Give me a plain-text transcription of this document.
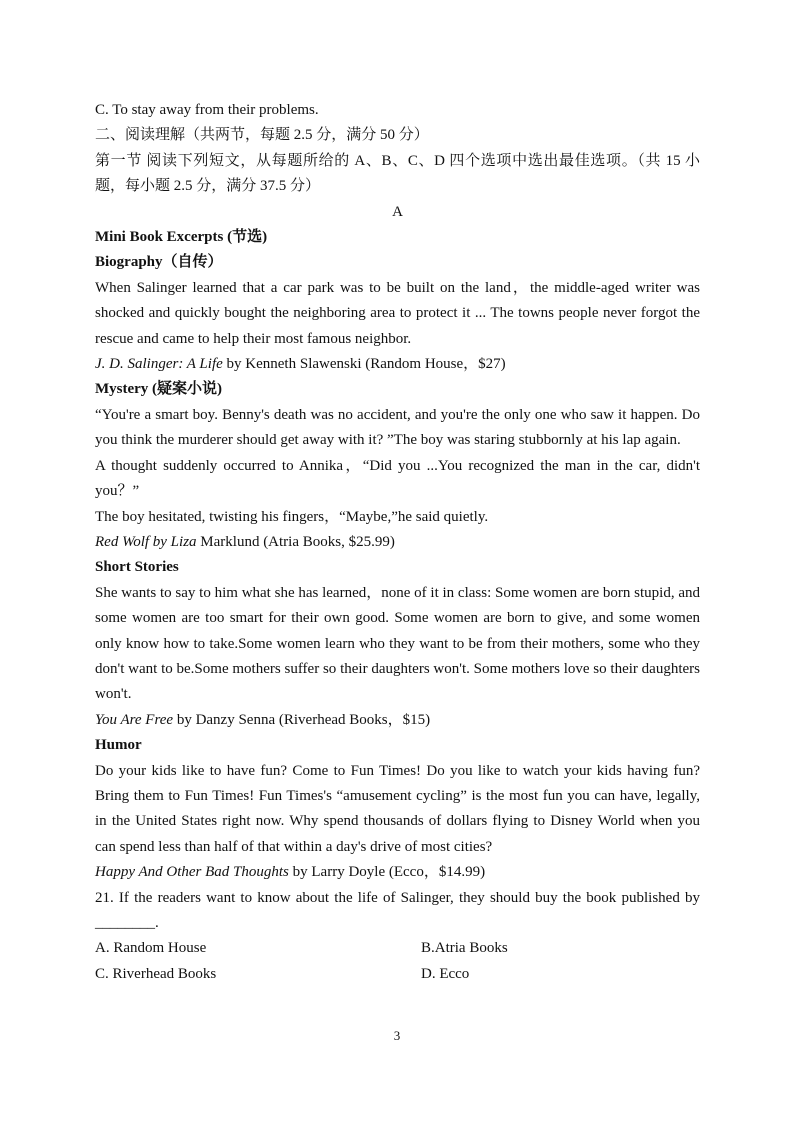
C. To stay away from their problems.

二、阅读理解（共两节，每题 2.5 分，满分 50 分）

第一节 阅读下列短文，从每题所给的 A、B、C、D 四个选项中选出最佳选项。（共 15 小题，每小题 2.5 分，满分 37.5 分）

A

Mini Book Excerpts (节选)

Biography（自传）

When Salinger learned that a car park was to be built on the land，the middle-aged writer was shocked and quickly bought the neighboring area to protect it ... The towns people never forgot the rescue and came to help their most famous neighbor.

J. D. Salinger: A Life by Kenneth Slawenski (Random House，$27)

Mystery (疑案小说)

“You're a smart boy. Benny's death was no accident, and you're the only one who saw it happen. Do you think the murderer should get away with it? ”The boy was staring stubbornly at his lap again.

A thought suddenly occurred to Annika，“Did you ...You recognized the man in the car, didn't you？”

The boy hesitated, twisting his fingers，“Maybe,”he said quietly.

Red Wolf by Liza Marklund (Atria Books, $25.99)

Short Stories

She wants to say to him what she has learned，none of it in class: Some women are born stupid, and some women are too smart for their own good. Some women are born to give, and some women only know how to take.Some women learn who they want to be from their mothers, some who they don't want to be.Some mothers suffer so their daughters won't. Some mothers love so their daughters won't.

You Are Free by Danzy Senna (Riverhead Books，$15)

Humor

Do your kids like to have fun? Come to Fun Times! Do you like to watch your kids having fun? Bring them to Fun Times! Fun Times's “amusement cycling” is the most fun you can have, legally, in the United States right now. Why spend thousands of dollars flying to Disney World when you can spend less than half of that within a day's drive of most cities?

Happy And Other Bad Thoughts by Larry Doyle (Ecco，$14.99)

21. If the readers want to know about the life of Salinger, they should buy the book published by ________.

A. Random House	B.Atria Books
C. Riverhead Books	D. Ecco
3
